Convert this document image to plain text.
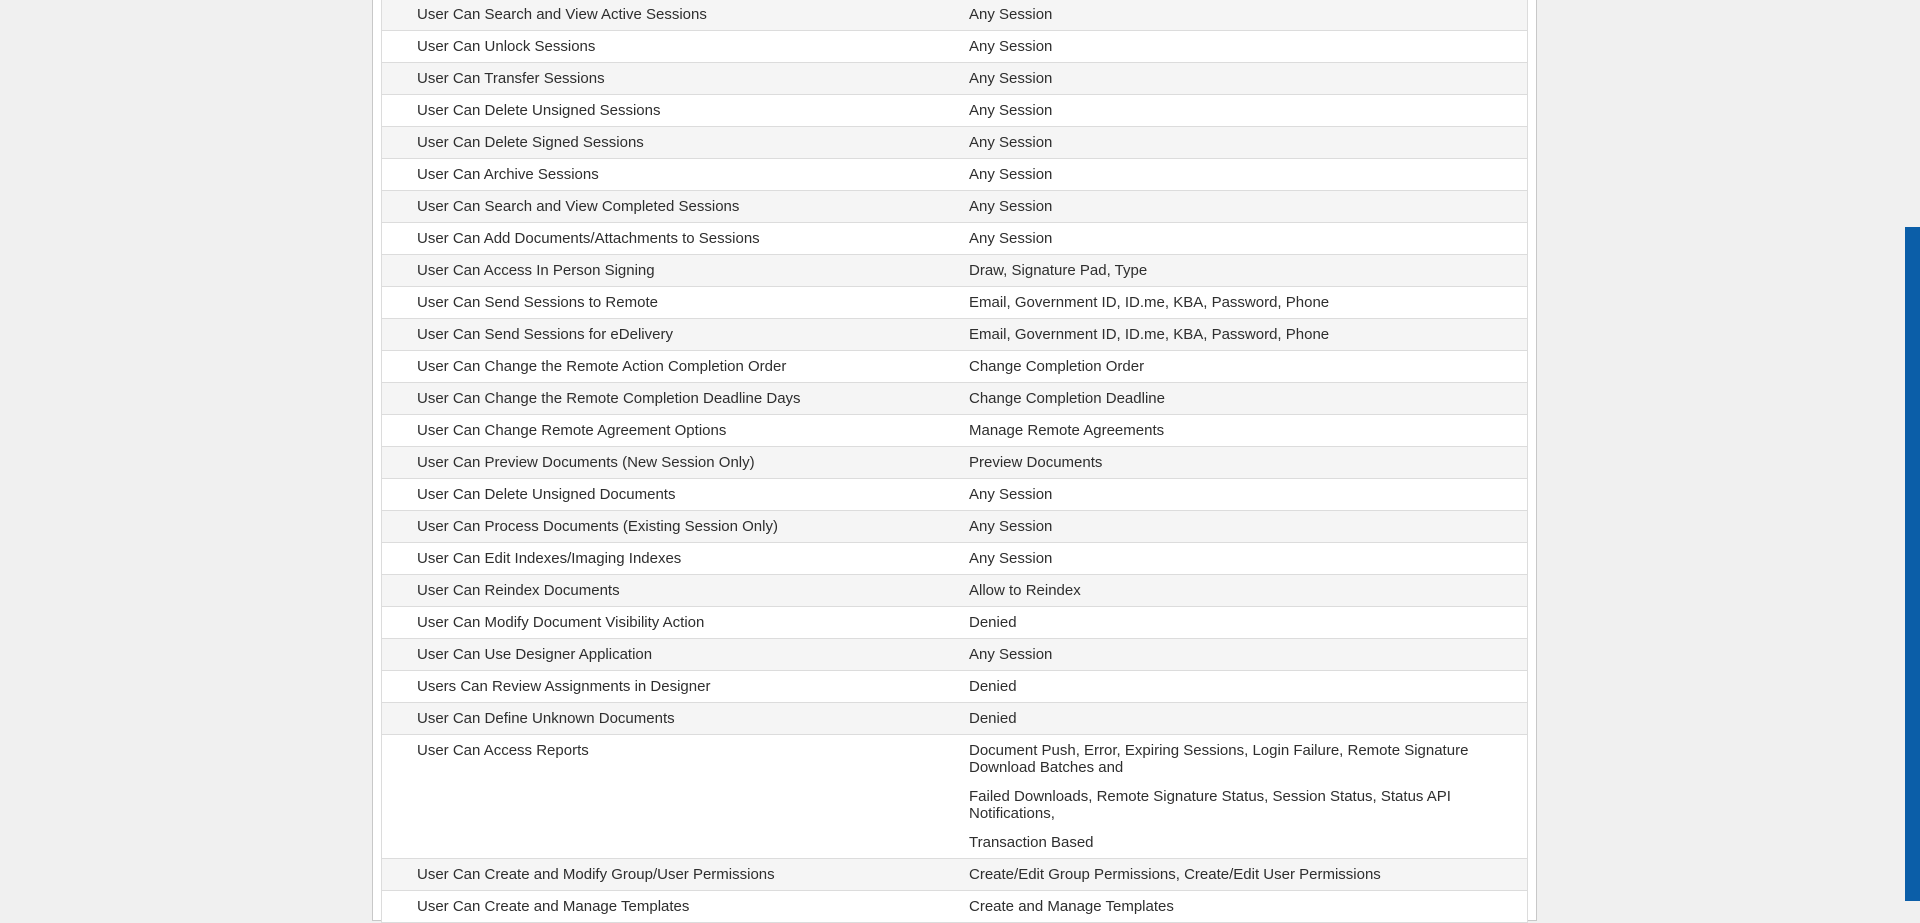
User Can Search and View Active Sessions	Any Session
User Can Unlock Sessions	Any Session
User Can Transfer Sessions	Any Session
User Can Delete Unsigned Sessions	Any Session
User Can Delete Signed Sessions	Any Session
User Can Archive Sessions	Any Session
User Can Search and View Completed Sessions	Any Session
User Can Add Documents/Attachments to Sessions	Any Session
User Can Access In Person Signing	Draw, Signature Pad, Type
User Can Send Sessions to Remote	Email, Government ID, ID.me, KBA, Password, Phone
User Can Send Sessions for eDelivery	Email, Government ID, ID.me, KBA, Password, Phone
User Can Change the Remote Action Completion Order	Change Completion Order
User Can Change the Remote Completion Deadline Days	Change Completion Deadline
User Can Change Remote Agreement Options	Manage Remote Agreements
User Can Preview Documents (New Session Only)	Preview Documents
User Can Delete Unsigned Documents	Any Session
User Can Process Documents (Existing Session Only)	Any Session
User Can Edit Indexes/Imaging Indexes	Any Session
User Can Reindex Documents	Allow to Reindex
User Can Modify Document Visibility Action	Denied
User Can Use Designer Application	Any Session
Users Can Review Assignments in Designer	Denied
User Can Define Unknown Documents	Denied
User Can Access Reports	Document Push, Error, Expiring Sessions, Login Failure, Remote Signature Download Batches and
Failed Downloads, Remote Signature Status, Session Status, Status API Notifications,
Transaction Based
User Can Create and Modify Group/User Permissions	Create/Edit Group Permissions, Create/Edit User Permissions
User Can Create and Manage Templates	Create and Manage Templates
